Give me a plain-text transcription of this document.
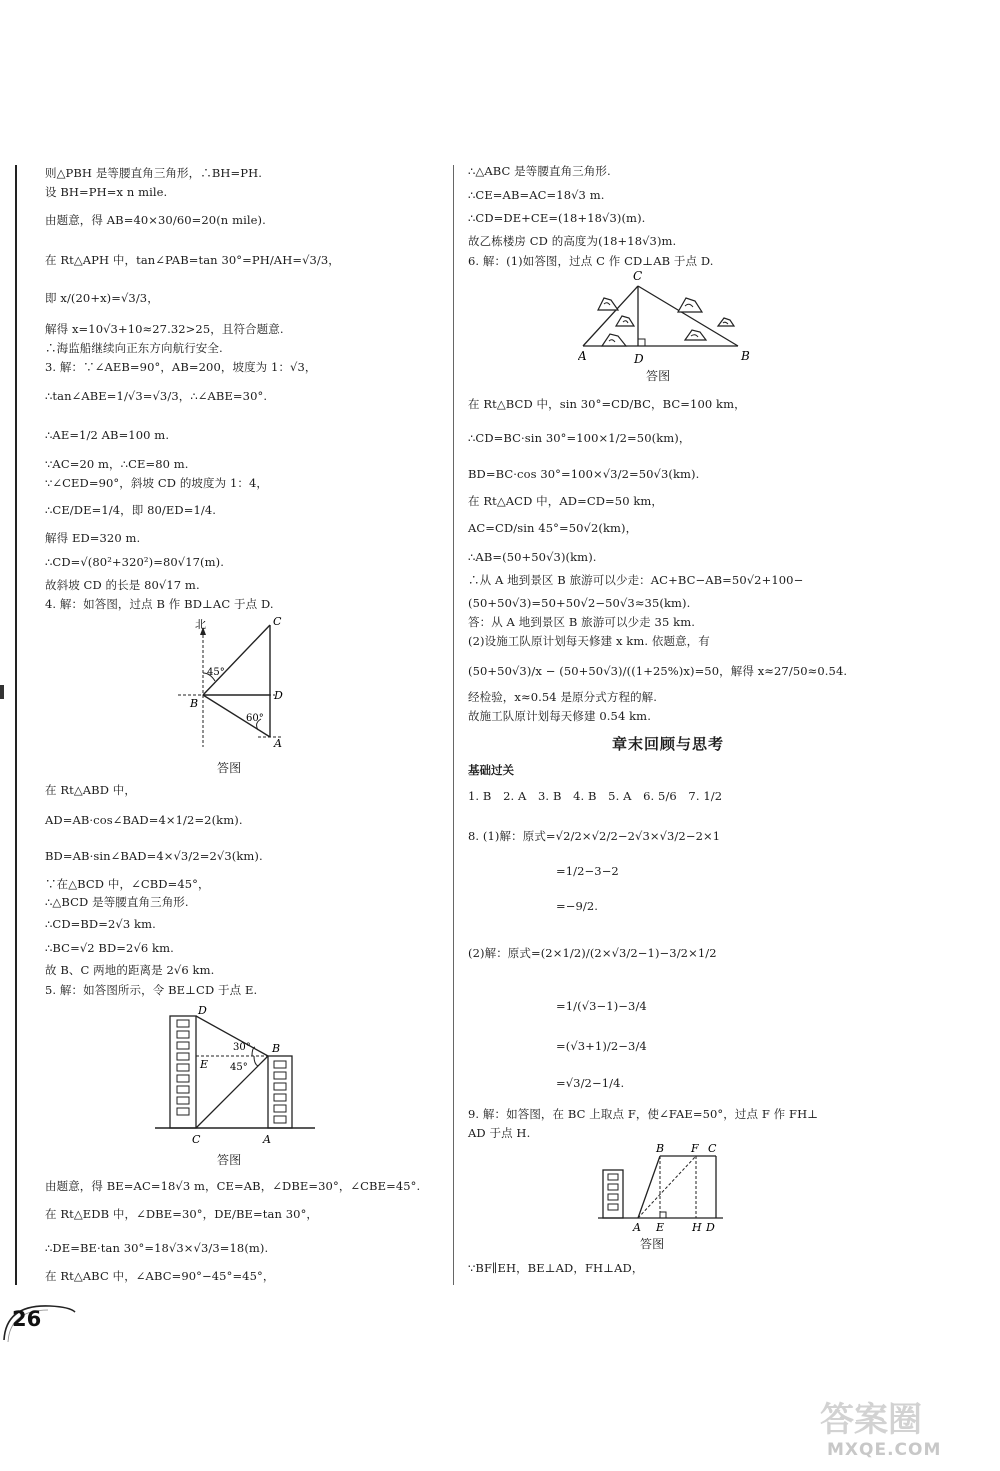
则△PBH 是等腰直角三角形，∴BH=PH.
设 BH=PH=x n mile.
由题意，得 AB=40×30/60=20(n mile).
在 Rt△APH 中，tan∠PAB=tan 30°=PH/AH=√3/3，
即 x/(20+x)=√3/3，
解得 x=10√3+10≈27.32>25，且符合题意.
∴海监船继续向正东方向航行安全.
3. 解：∵∠AEB=90°，AB=200，坡度为 1：√3，
∴tan∠ABE=1/√3=√3/3，∴∠ABE=30°.
∴AE=1/2 AB=100 m.
∵AC=20 m，∴CE=80 m.
∵∠CED=90°，斜坡 CD 的坡度为 1：4，
∴CE/DE=1/4，即 80/ED=1/4.
解得 ED=320 m.
∴CD=√(80²+320²)=80√17(m).
故斜坡 CD 的长是 80√17 m.
4. 解：如答图，过点 B 作 BD⊥AC 于点 D.
北	C
45°
B
D
60°
A
答图
在 Rt△ABD 中，
AD=AB·cos∠BAD=4×1/2=2(km).
BD=AB·sin∠BAD=4×√3/2=2√3(km).
∵在△BCD 中，∠CBD=45°，
∴△BCD 是等腰直角三角形.
∴CD=BD=2√3 km.
∴BC=√2 BD=2√6 km.
故 B、C 两地的距离是 2√6 km.
5. 解：如答图所示，令 BE⊥CD 于点 E.
30°
45°
D
B
E
C	A
答图
由题意，得 BE=AC=18√3 m，CE=AB，∠DBE=30°，∠CBE=45°.
在 Rt△EDB 中，∠DBE=30°，DE/BE=tan 30°，
∴DE=BE·tan 30°=18√3×√3/3=18(m).
在 Rt△ABC 中，∠ABC=90°−45°=45°，
∴△ABC 是等腰直角三角形.
∴CE=AB=AC=18√3 m.
∴CD=DE+CE=(18+18√3)(m).
故乙栋楼房 CD 的高度为(18+18√3)m.
6. 解：(1)如答图，过点 C 作 CD⊥AB 于点 D.
C
A	D	B
答图
在 Rt△BCD 中，sin 30°=CD/BC，BC=100 km，
∴CD=BC·sin 30°=100×1/2=50(km)，
BD=BC·cos 30°=100×√3/2=50√3(km).
在 Rt△ACD 中，AD=CD=50 km，
AC=CD/sin 45°=50√2(km)，
∴AB=(50+50√3)(km).
∴从 A 地到景区 B 旅游可以少走：AC+BC−AB=50√2+100−
(50+50√3)=50+50√2−50√3≈35(km).
答：从 A 地到景区 B 旅游可以少走 35 km.
(2)设施工队原计划每天修建 x km. 依题意，有
(50+50√3)/x − (50+50√3)/((1+25%)x)=50，解得 x≈27/50≈0.54.
经检验，x≈0.54 是原分式方程的解.
故施工队原计划每天修建 0.54 km.
章末回顾与思考
基础过关
1. B　2. A　3. B　4. B　5. A　6. 5/6　7. 1/2
8. (1)解：原式=√2/2×√2/2−2√3×√3/2−2×1
=1/2−3−2
=−9/2.
(2)解：原式=(2×1/2)/(2×√3/2−1)−3/2×1/2
=1/(√3−1)−3/4
=(√3+1)/2−3/4
=√3/2−1/4.
9. 解：如答图，在 BC 上取点 F，使∠FAE=50°，过点 F 作 FH⊥
AD 于点 H.
B F C
A E	H D
答图
∵BF∥EH，BE⊥AD，FH⊥AD，
26
答案圈
MXQE.COM
